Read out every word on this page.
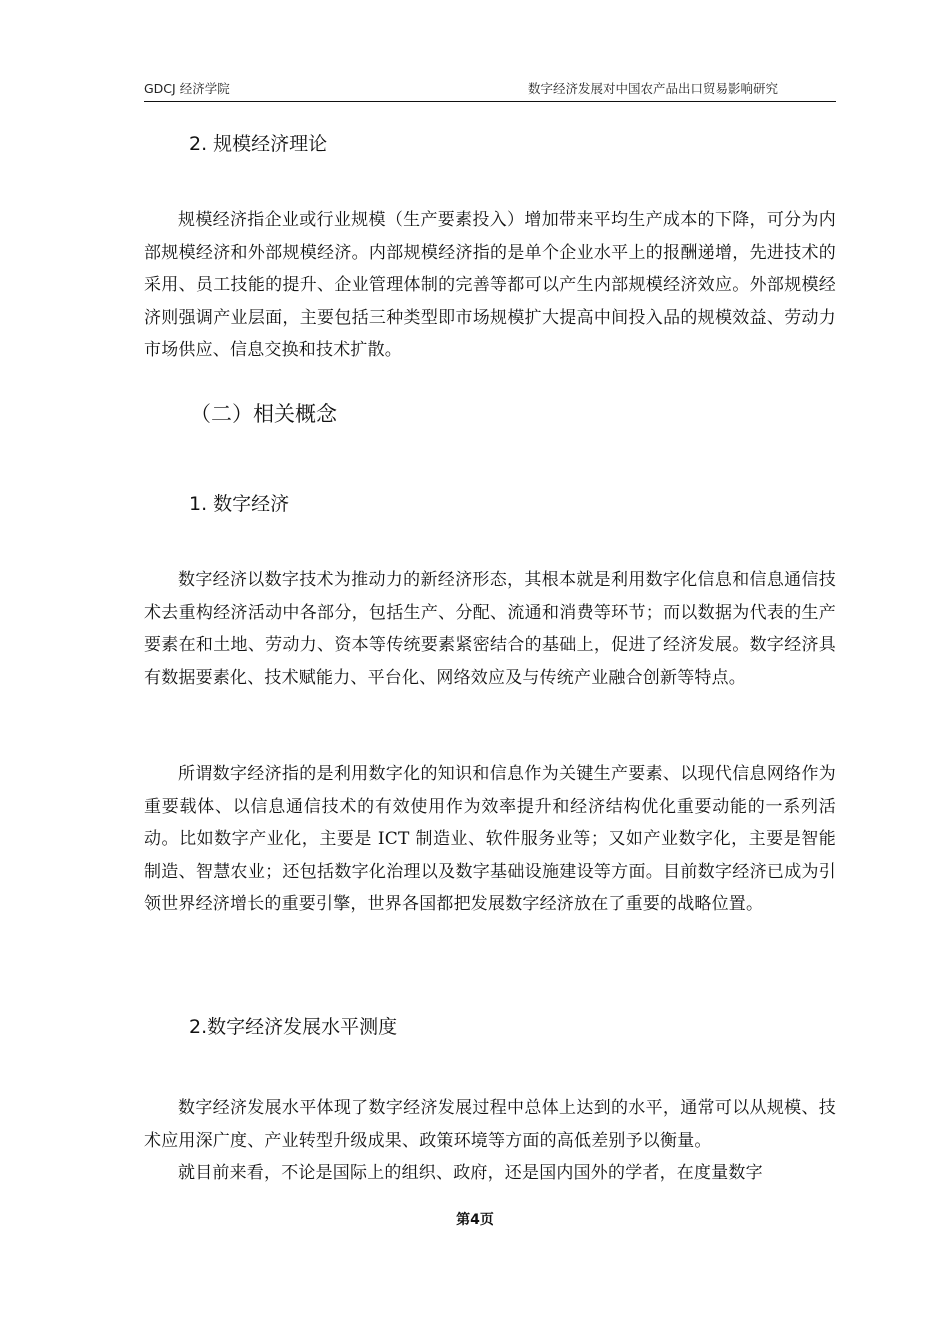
GDCJ 经济学院	数字经济发展对中国农产品出口贸易影响研究
2. 规模经济理论

规模经济指企业或行业规模（生产要素投入）增加带来平均生产成本的下降，可分为内部规模经济和外部规模经济。内部规模经济指的是单个企业水平上的报酬递增，先进技术的采用、员工技能的提升、企业管理体制的完善等都可以产生内部规模经济效应。外部规模经济则强调产业层面，主要包括三种类型即市场规模扩大提高中间投入品的规模效益、劳动力市场供应、信息交换和技术扩散。

（二）相关概念
1. 数字经济

数字经济以数字技术为推动力的新经济形态，其根本就是利用数字化信息和信息通信技术去重构经济活动中各部分，包括生产、分配、流通和消费等环节；而以数据为代表的生产要素在和土地、劳动力、资本等传统要素紧密结合的基础上，促进了经济发展。数字经济具有数据要素化、技术赋能力、平台化、网络效应及与传统产业融合创新等特点。

所谓数字经济指的是利用数字化的知识和信息作为关键生产要素、以现代信息网络作为重要载体、以信息通信技术的有效使用作为效率提升和经济结构优化重要动能的一系列活动。比如数字产业化，主要是 ICT 制造业、软件服务业等；又如产业数字化，主要是智能制造、智慧农业；还包括数字化治理以及数字基础设施建设等方面。目前数字经济已成为引领世界经济增长的重要引擎，世界各国都把发展数字经济放在了重要的战略位置。

2.数字经济发展水平测度

数字经济发展水平体现了数字经济发展过程中总体上达到的水平，通常可以从规模、技术应用深广度、产业转型升级成果、政策环境等方面的高低差别予以衡量。

就目前来看，不论是国际上的组织、政府，还是国内国外的学者，在度量数字

第4页
